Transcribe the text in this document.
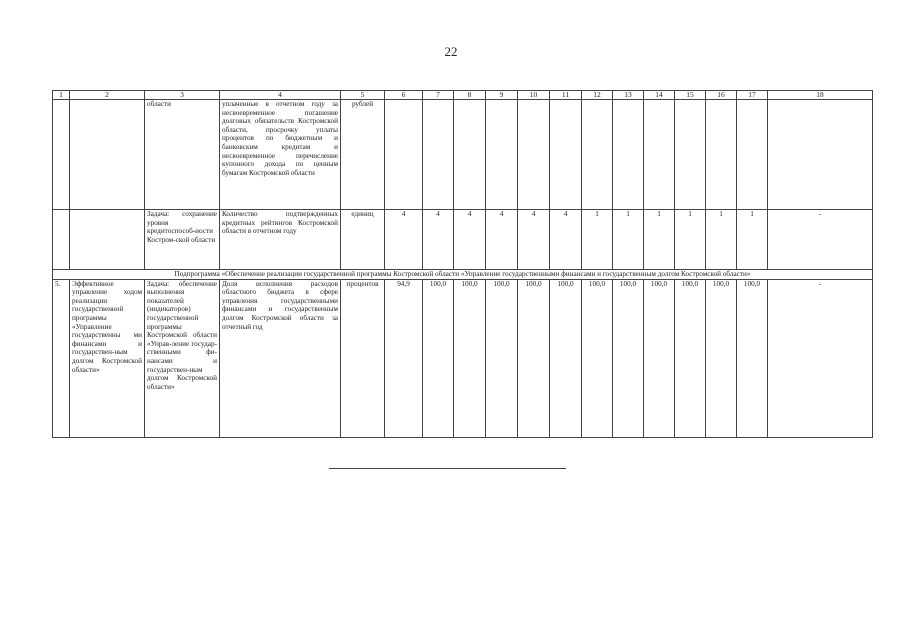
22
1	2	3	4	5	6	7	8	9	10	11	12	13	14	15	16	17	18
		области	уплаченные в отчетном году за несвоевременное погашение долговых обязательств Костромской области, просрочку уплаты процентов по бюджетным и банковским кредитам и несвоевременное перечисление купонного дохода по ценным бумагам Костромской области	рублей													
		Задача: сохранение уровня кредитоспособ-ности Костром-ской области	Количество подтвержденных кредитных рейтингов Костромской области в отчетном году	единиц	4	4	4	4	4	4	1	1	1	1	1	1	-
Подпрограмма «Обеспечение реализации государственной программы Костромской области «Управление государственными финансами и государственным долгом Костромской области»																	
5.	Эффективное управление ходом реализации государственной программы «Управление государственны ми финансами и государствен-ным долгом Костромской области»	Задача: обеспечение выполнения показателей (индикаторов) государственной программы Костромской области «Управ-ление государ-ственными фи-нансами и государствен-ным долгом Костромской области»	Доля исполнения расходов областного бюджета в сфере управления государственными финансами и государственным долгом Костромской области за отчетный год	процентов	94,9	100,0	100,0	100,0	100,0	100,0	100,0	100,0	100,0	100,0	100,0	100,0	-
